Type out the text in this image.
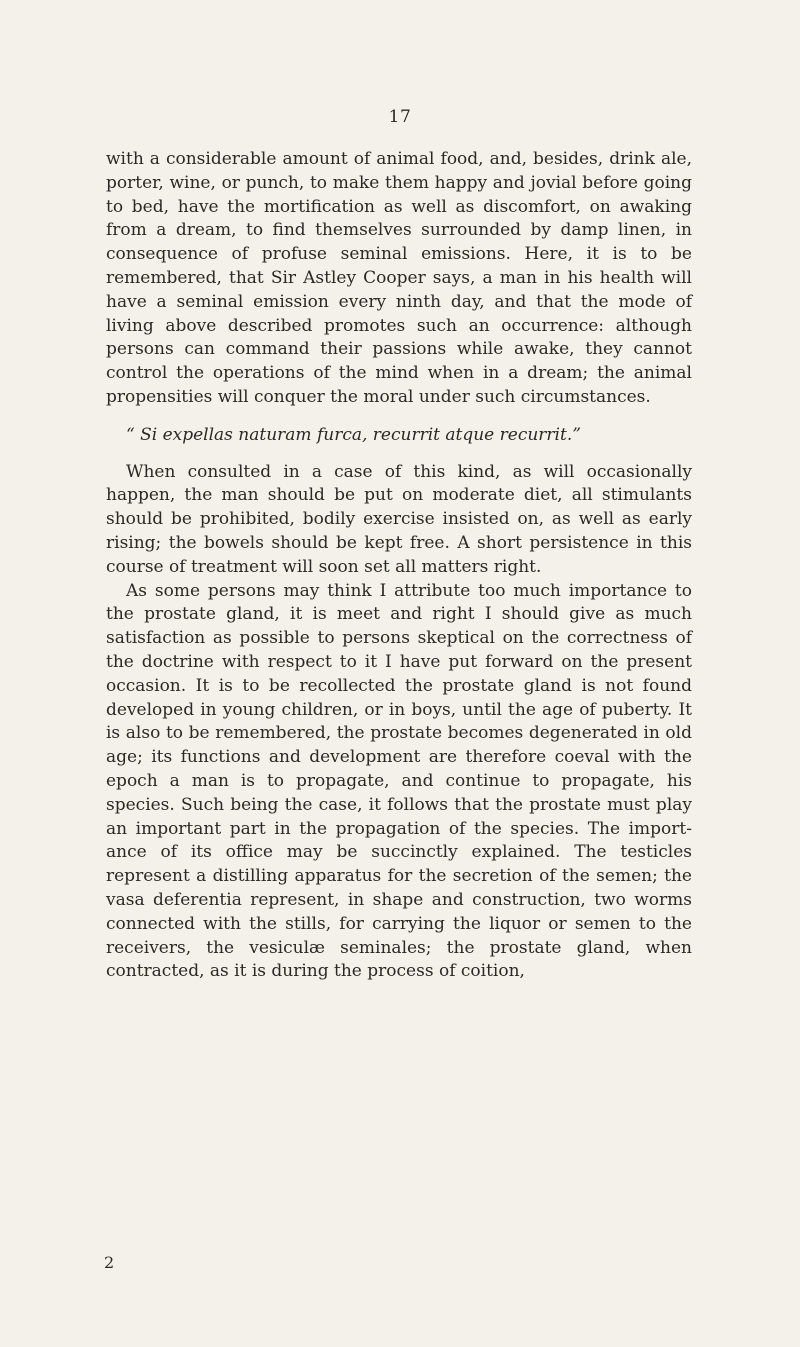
17

with a considerable amount of animal food, and, besides, drink ale, porter, wine, or punch, to make them happy and jovial before going to bed, have the mortification as well as discomfort, on awaking from a dream, to find themselves surrounded by damp linen, in consequence of profuse seminal emissions. Here, it is to be remembered, that Sir Astley Cooper says, a man in his health will have a seminal emission every ninth day, and that the mode of living above described promotes such an occurrence: although persons can command their passions while awake, they cannot control the operations of the mind when in a dream; the animal propensities will conquer the moral under such circumstances.

“ Si expellas naturam furca, recurrit atque recurrit.”

When consulted in a case of this kind, as will occasionally happen, the man should be put on moderate diet, all stimulants should be prohibited, bodily exercise insisted on, as well as early rising; the bowels should be kept free. A short persistence in this course of treatment will soon set all matters right.

As some persons may think I attribute too much importance to the prostate gland, it is meet and right I should give as much satisfaction as possible to persons skeptical on the correctness of the doctrine with respect to it I have put forward on the present occasion. It is to be recollected the prostate gland is not found developed in young children, or in boys, until the age of puberty. It is also to be remembered, the prostate becomes degenerated in old age; its functions and development are therefore coeval with the epoch a man is to propagate, and continue to propagate, his species. Such being the case, it follows that the prostate must play an important part in the propagation of the species. The importance of its office may be succinctly explained. The testicles represent a distilling apparatus for the secretion of the semen; the vasa deferentia represent, in shape and construction, two worms connected with the stills, for carrying the liquor or semen to the receivers, the vesiculæ seminales; the prostate gland, when contracted, as it is during the process of coition,

2
